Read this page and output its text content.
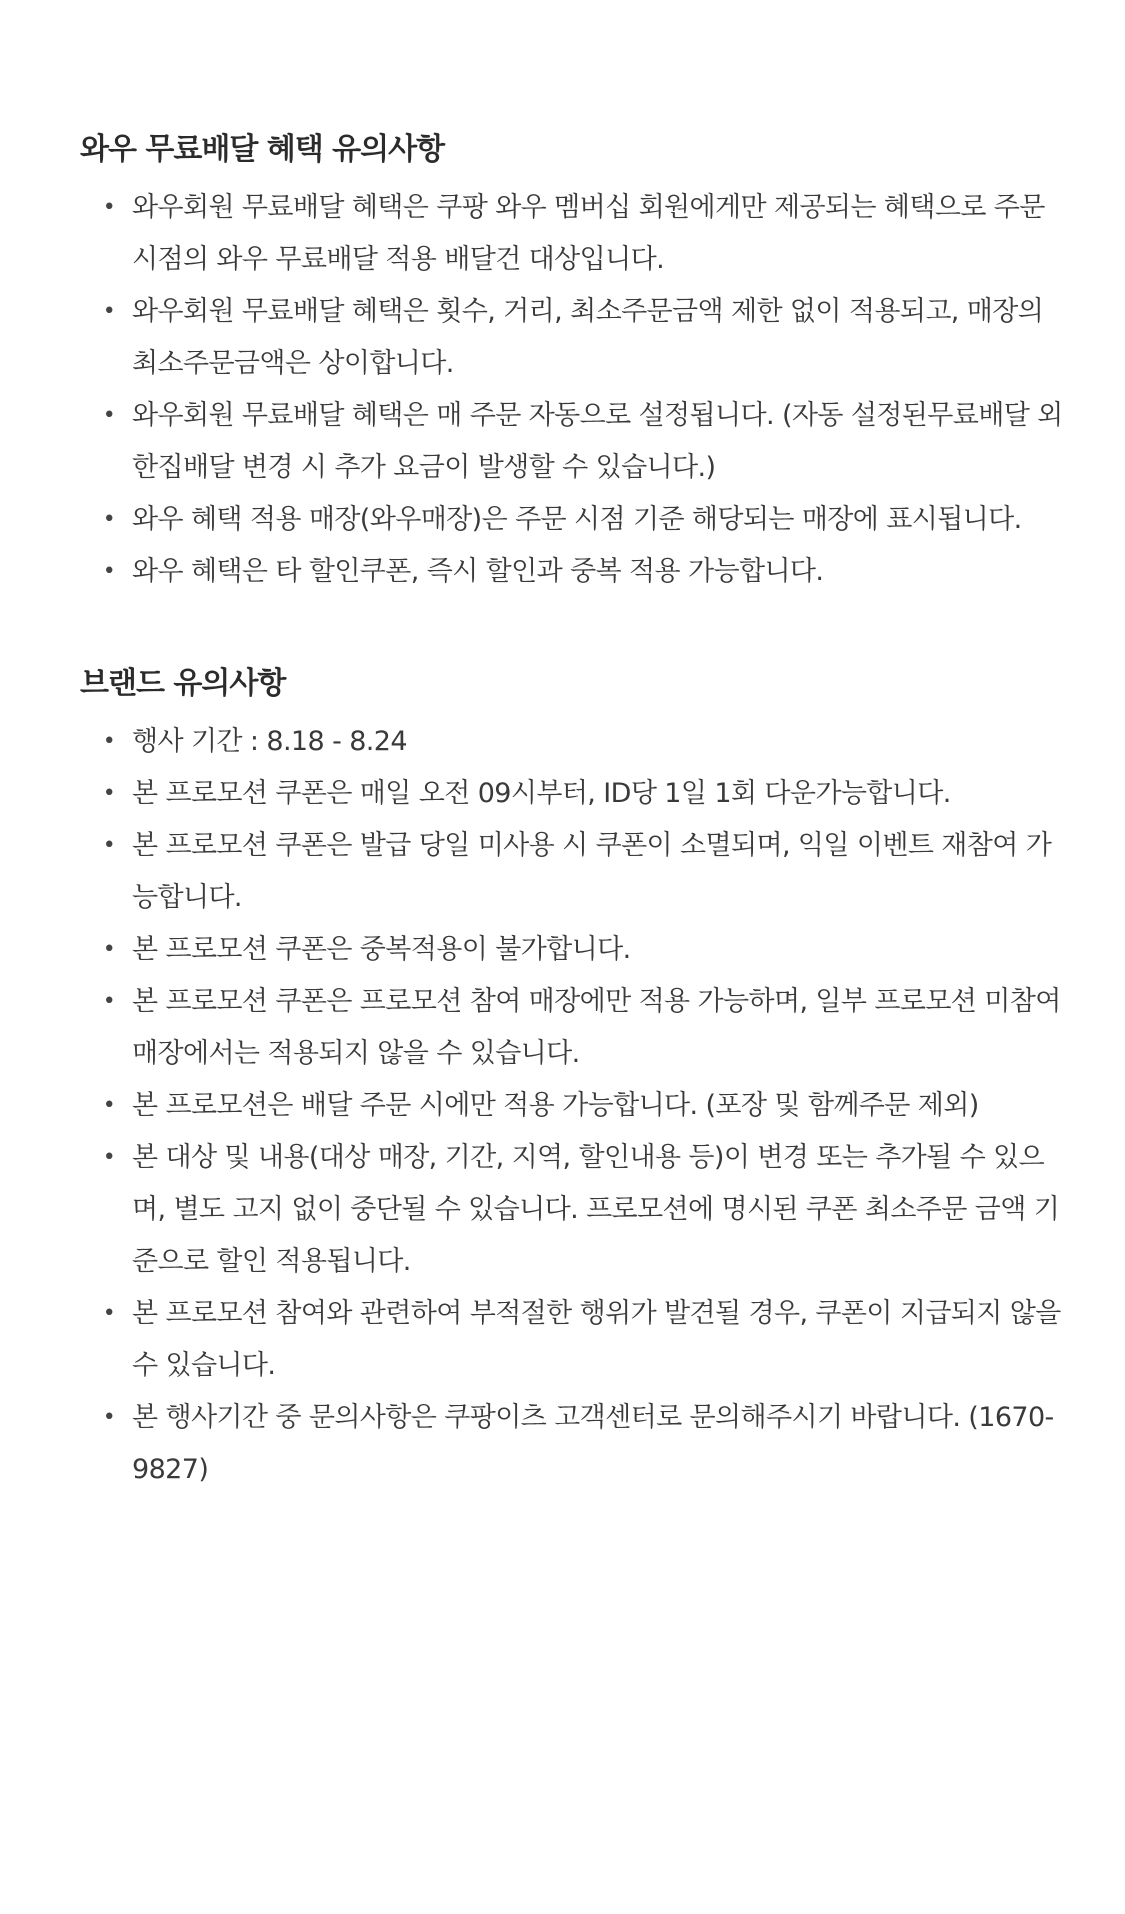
와우 무료배달 혜택 유의사항
• 와우회원 무료배달 혜택은 쿠팡 와우 멤버십 회원에게만 제공되는 혜택으로 주문 시점의 와우 무료배달 적용 배달건 대상입니다.
• 와우회원 무료배달 혜택은 횟수, 거리, 최소주문금액 제한 없이 적용되고, 매장의 최소주문금액은 상이합니다.
• 와우회원 무료배달 혜택은 매 주문 자동으로 설정됩니다. (자동 설정된무료배달 외 한집배달 변경 시 추가 요금이 발생할 수 있습니다.)
• 와우 혜택 적용 매장(와우매장)은 주문 시점 기준 해당되는 매장에 표시됩니다.
• 와우 혜택은 타 할인쿠폰, 즉시 할인과 중복 적용 가능합니다.
브랜드 유의사항
• 행사 기간 : 8.18 - 8.24
• 본 프로모션 쿠폰은 매일 오전 09시부터, ID당 1일 1회 다운가능합니다.
• 본 프로모션 쿠폰은 발급 당일 미사용 시 쿠폰이 소멸되며, 익일 이벤트 재참여 가능합니다.
• 본 프로모션 쿠폰은 중복적용이 불가합니다.
• 본 프로모션 쿠폰은 프로모션 참여 매장에만 적용 가능하며, 일부 프로모션 미참여 매장에서는 적용되지 않을 수 있습니다.
• 본 프로모션은 배달 주문 시에만 적용 가능합니다. (포장 및 함께주문 제외)
• 본 대상 및 내용(대상 매장, 기간, 지역, 할인내용 등)이 변경 또는 추가될 수 있으며, 별도 고지 없이 중단될 수 있습니다. 프로모션에 명시된 쿠폰 최소주문 금액 기준으로 할인 적용됩니다.
• 본 프로모션 참여와 관련하여 부적절한 행위가 발견될 경우, 쿠폰이 지급되지 않을 수 있습니다.
• 본 행사기간 중 문의사항은 쿠팡이츠 고객센터로 문의해주시기 바랍니다. (1670-9827)
